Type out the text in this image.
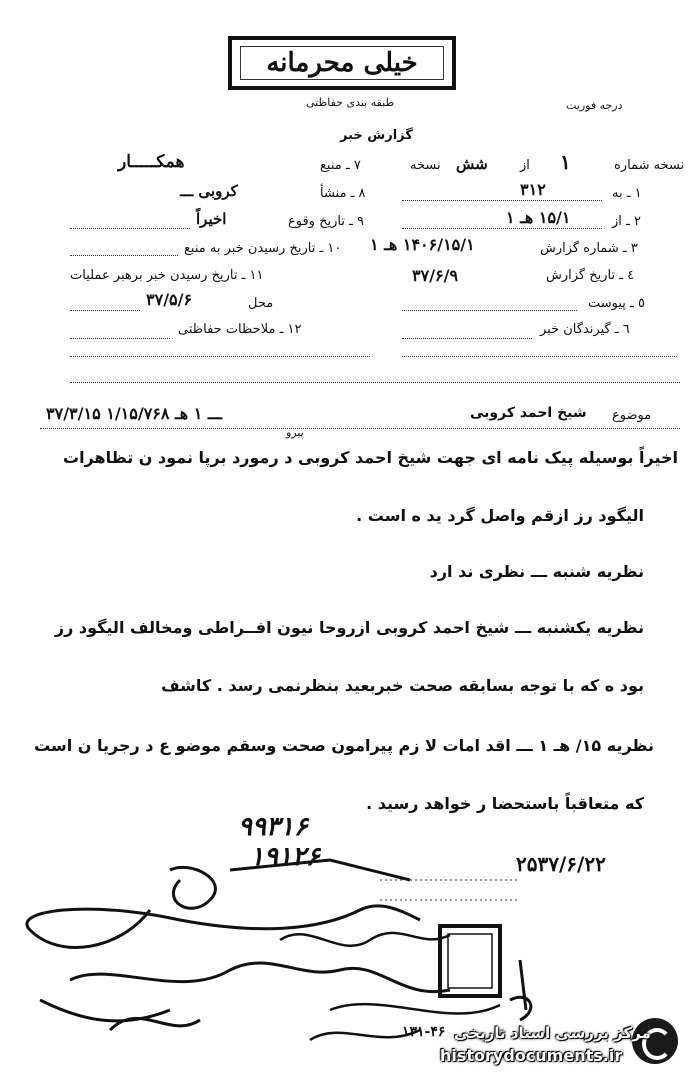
خیلی محرمانه
طبقه بندی حفاظتی	درجه فوریت
گزارش خبر
نسخه شماره
۱
از
شش
نسخه
۱ ـ به
۳۱۲
۲ ـ از
۱۵/۱ هـ ۱
۳ ـ شماره گزارش
۱۴۰۶/۱۵/۱ هـ ۱
٤ ـ تاریخ گزارش
۳۷/۶/۹
٥ ـ پیوست
٦ ـ گیرندگان خبر
۷ ـ منبع
همکـــــار
۸ ـ منشأ
کروبی ـــ
۹ ـ تاریخ وقوع
اخیراً
۱۰ ـ تاریخ رسیدن خبر به منبع
۱۱ ـ تاریخ رسیدن خبر برهبر عملیات
محل
۳۷/۵/۶
۱۲ ـ ملاحظات حفاظتی
موضوع
شیخ احمد کروبی
۳۷/۳/۱۵ ـــ ۱ هـ ۱/۱۵/۷۶۸
پیرو
اخیراً بوسیله پیک نامه ای جهت شیخ احمد کروبی د رمورد برپا نمود ن تظاهرات
الیگود رز ازقم واصل گرد ید ه است .
نظریه شنبه ـــ نظری ند ارد
نظریه یکشنبه ـــ شیخ احمد کروبی ازروحا نیون افــراطی ومخالف الیگود رز
بود ه که با توجه بسابقه صحت خبربعید بنظرنمی رسد . کاشف
نظریه ۱۵/ هـ ۱ ـــ اقد امات لا زم پیرامون صحت وسقم موضو ع د رجریا ن است
که متعاقباً باستحضا ر خواهد رسید .
۹۹۳۱۶
۱۹۱۲۶	۲۵۳۷/۶/۲۲
۱۳۱-۴۶ مرکز بررسی اسناد تاریخی
historydocuments.ir
